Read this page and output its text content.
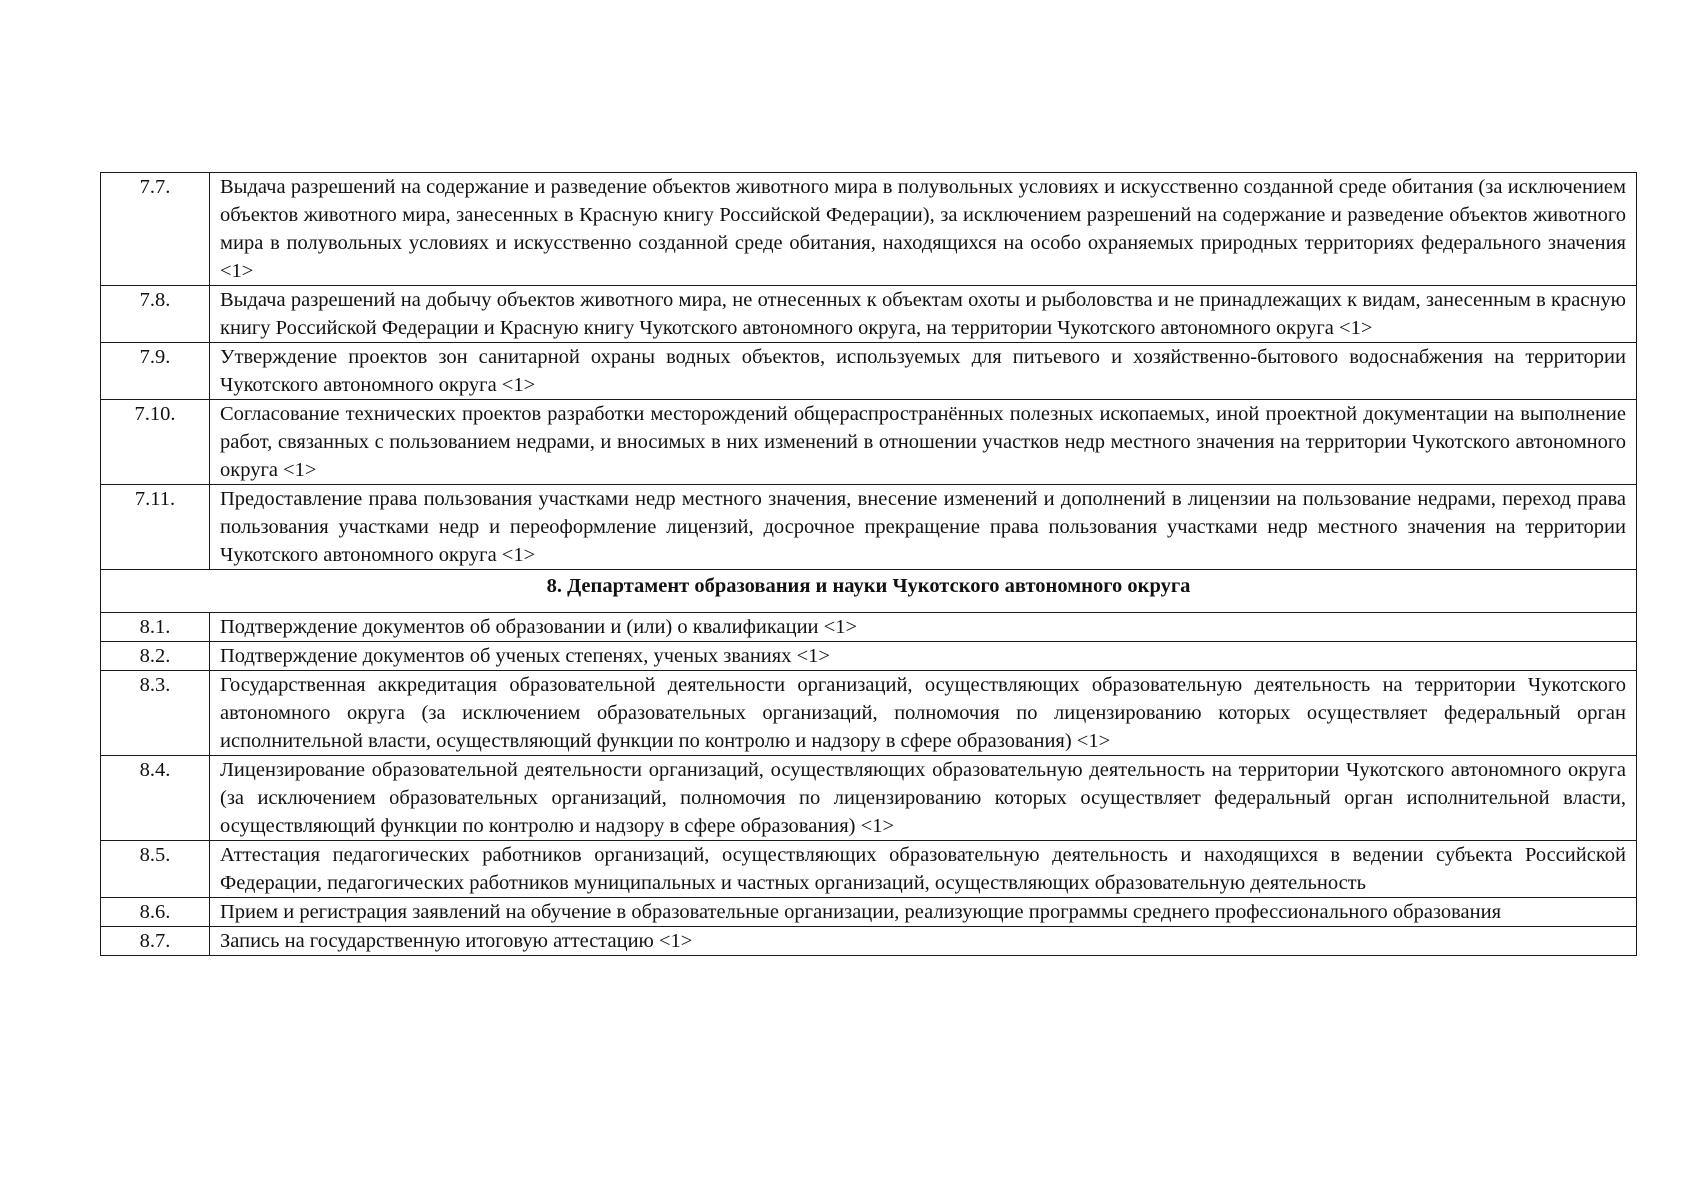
7.7.	Выдача разрешений на содержание и разведение объектов животного мира в полувольных условиях и искусственно созданной среде обитания (за исключением объектов животного мира, занесенных в Красную книгу Российской Федерации), за исключением разрешений на содержание и разведение объектов животного мира в полувольных условиях и искусственно созданной среде обитания, находящихся на особо охраняемых природных территориях федерального значения <1>
7.8.	Выдача разрешений на добычу объектов животного мира, не отнесенных к объектам охоты и рыболовства и не принадлежащих к видам, занесенным в красную книгу Российской Федерации и Красную книгу Чукотского автономного округа, на территории Чукотского автономного округа <1>
7.9.	Утверждение проектов зон санитарной охраны водных объектов, используемых для питьевого и хозяйственно-бытового водоснабжения на территории Чукотского автономного округа <1>
7.10.	Согласование технических проектов разработки месторождений общераспространённых полезных ископаемых, иной проектной документации на выполнение работ, связанных с пользованием недрами, и вносимых в них изменений в отношении участков недр местного значения на территории Чукотского автономного округа <1>
7.11.	Предоставление права пользования участками недр местного значения, внесение изменений и дополнений в лицензии на пользование недрами, переход права пользования участками недр и переоформление лицензий, досрочное прекращение права пользования участками недр местного значения на территории Чукотского автономного округа <1>
8. Департамент образования и науки Чукотского автономного округа	
8.1.	Подтверждение документов об образовании и (или) о квалификации <1>
8.2.	Подтверждение документов об ученых степенях, ученых званиях <1>
8.3.	Государственная аккредитация образовательной деятельности организаций, осуществляющих образовательную деятельность на территории Чукотского автономного округа (за исключением образовательных организаций, полномочия по лицензированию которых осуществляет федеральный орган исполнительной власти, осуществляющий функции по контролю и надзору в сфере образования) <1>
8.4.	Лицензирование образовательной деятельности организаций, осуществляющих образовательную деятельность на территории Чукотского автономного округа (за исключением образовательных организаций, полномочия по лицензированию которых осуществляет федеральный орган исполнительной власти, осуществляющий функции по контролю и надзору в сфере образования) <1>
8.5.	Аттестация педагогических работников организаций, осуществляющих образовательную деятельность и находящихся в ведении субъекта Российской Федерации, педагогических работников муниципальных и частных организаций, осуществляющих образовательную деятельность
8.6.	Прием и регистрация заявлений на обучение в образовательные организации, реализующие программы среднего профессионального образования
8.7.	Запись на государственную итоговую аттестацию <1>
